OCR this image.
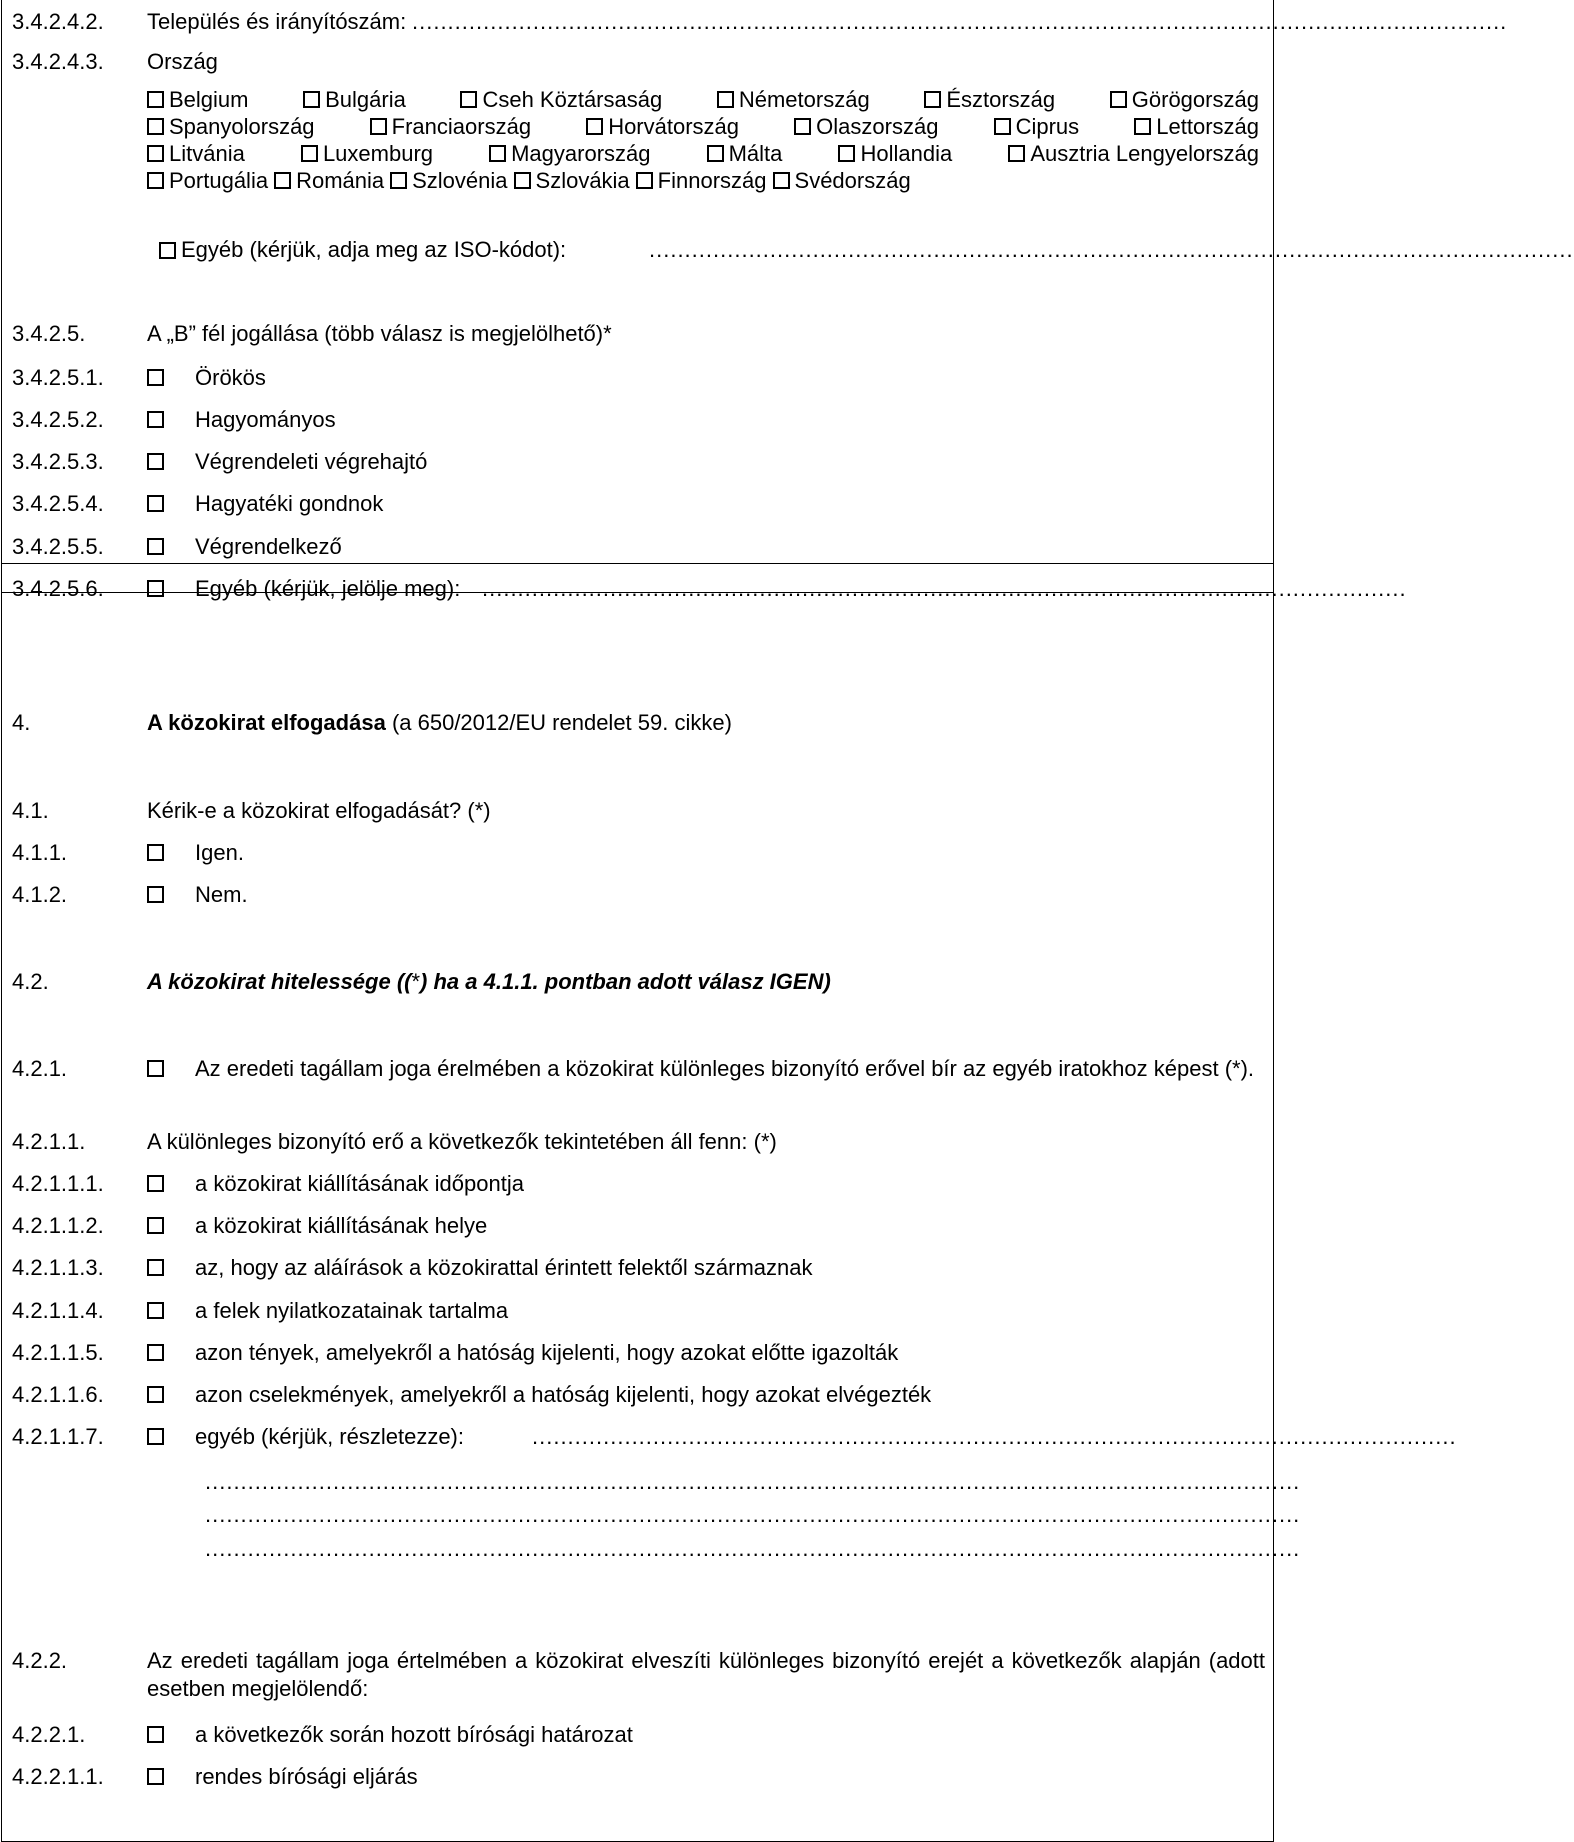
3.4.2.4.2. Település és irányítószám: ..........................................................................................................................................................
3.4.2.4.3. Ország
Belgium	Bulgária	Cseh Köztársaság	Németország	Észtország	Görögország
Spanyolország	Franciaország	Horvátország	Olaszország	Ciprus	Lettország
Litvánia	Luxemburg	Magyarország	Málta	Hollandia	Ausztria Lengyelország
Portugália Románia Szlovénia Szlovákia Finnország Svédország
Egyéb (kérjük, adja meg az ISO-kódot):	..................................................................................................................................
3.4.2.5.	A „B” fél jogállása (több válasz is megjelölhető)*
3.4.2.5.1.	Örökös
3.4.2.5.2.	Hagyományos
3.4.2.5.3.	Végrendeleti végrehajtó
3.4.2.5.4.	Hagyatéki gondnok
3.4.2.5.5.	Végrendelkező
3.4.2.5.6.	Egyéb (kérjük, jelölje meg): ..................................................................................................................................
4.	A közokirat elfogadása (a 650/2012/EU rendelet 59. cikke)
4.1.	Kérik-e a közokirat elfogadását? (*)
4.1.1.	Igen.
4.1.2.	Nem.
4.2.	A közokirat hitelessége ((*) ha a 4.1.1. pontban adott válasz IGEN)
4.2.1.	Az eredeti tagállam joga érelmében a közokirat különleges bizonyító erővel bír az egyéb iratokhoz képest (*).
4.2.1.1.	A különleges bizonyító erő a következők tekintetében áll fenn: (*)
4.2.1.1.1.	a közokirat kiállításának időpontja
4.2.1.1.2.	a közokirat kiállításának helye
4.2.1.1.3.	az, hogy az aláírások a közokirattal érintett felektől származnak
4.2.1.1.4.	a felek nyilatkozatainak tartalma
4.2.1.1.5.	azon tények, amelyekről a hatóság kijelenti, hogy azokat előtte igazolták
4.2.1.1.6.	azon cselekmények, amelyekről a hatóság kijelenti, hogy azokat elvégezték
4.2.1.1.7.	egyéb (kérjük, részletezze):	..................................................................................................................................
..........................................................................................................................................................
..........................................................................................................................................................
..........................................................................................................................................................
4.2.2.	Az eredeti tagállam joga értelmében a közokirat elveszíti különleges bizonyító erejét a következők alapján (adott esetben megjelölendő:
4.2.2.1.	a következők során hozott bírósági határozat
4.2.2.1.1.	rendes bírósági eljárás
